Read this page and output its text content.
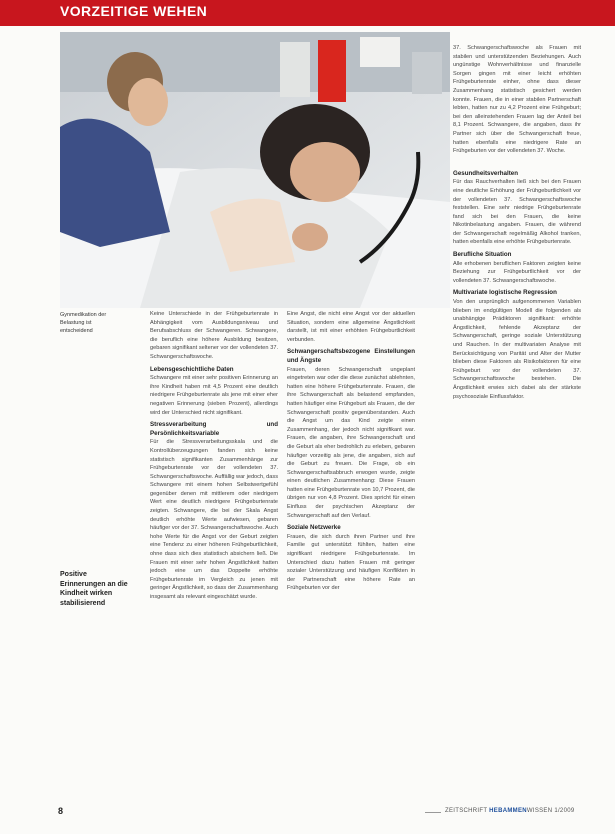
VORZEITIGE WEHEN
Gynmedikation der Belastung ist entscheidend
Positive Erinnerungen an die Kindheit wirken stabilisierend

Keine Unterschiede in der Frühgeburtenrate in Abhängigkeit vom Ausbildungsniveau und Berufsabschluss der Schwangeren. Schwangere, die beruflich eine höhere Ausbildung besitzen, gebaren signifikant seltener vor der vollendeten 37. Schwangerschaftswoche.

Lebensgeschichtliche Daten

Schwangere mit einer sehr positiven Erinnerung an ihre Kindheit haben mit 4,5 Prozent eine deutlich niedrigere Frühgeburtenrate als jene mit einer eher negativen Erinnerung (sieben Prozent), allerdings wird der Unterschied nicht signifikant.

Stressverarbeitung und Persönlichkeitsvariable

Für die Stressverarbeitungsskala und die Kontrollüberzeugungen fanden sich keine statistisch signifikanten Zusammenhänge zur Frühgeburtenrate vor der vollendeten 37. Schwangerschaftswoche. Auffällig war jedoch, dass Schwangere mit einem hohen Selbstwertgefühl gegenüber denen mit mittlerem oder niedrigem Wert eine deutlich niedrigere Frühgeburtenrate zeigten. Schwangere, die bei der Skala Angst deutlich erhöhte Werte aufwiesen, gebaren häufiger vor der 37. Schwangerschaftswoche. Auch hohe Werte für die Angst vor der Geburt zeigten eine Tendenz zu einer höheren Frühgeburtlichkeit, ohne dass sich dies statistisch absichern ließ. Die Frauen mit einer sehr hohen Ängstlichkeit hatten jedoch eine um das Doppelte erhöhte Frühgeburtenrate im Vergleich zu jenen mit geringer Ängstlichkeit, so dass der Zusammenhang insgesamt als relevant eingeschätzt wurde.

Eine Angst, die nicht eine Angst vor der aktuellen Situation, sondern eine allgemeine Ängstlichkeit darstellt, ist mit einer erhöhten Frühgeburtlichkeit verbunden.

Schwangerschaftsbezogene Einstellungen und Ängste

Frauen, deren Schwangerschaft ungeplant eingetreten war oder die diese zunächst ablehnten, hatten eine höhere Frühgeburtenrate. Frauen, die ihre Schwangerschaft als belastend empfanden, hatten häufiger eine Frühgeburt als Frauen, die der Schwangerschaft positiv gegenüberstanden. Auch die Angst um das Kind zeigte einen Zusammenhang, der jedoch nicht signifikant war. Frauen, die angaben, ihre Schwangerschaft und die Geburt als eher bedrohlich zu erleben, gebaren häufiger vorzeitig als jene, die angaben, sich auf die Geburt zu freuen. Die Frage, ob ein Schwangerschaftsabbruch erwogen wurde, zeigte einen deutlichen Zusammenhang: Diese Frauen hatten eine Frühgeburtenrate von 10,7 Prozent, die übrigen nur von 4,8 Prozent. Dies spricht für einen Einfluss der psychischen Akzeptanz der Schwangerschaft auf den Verlauf.

Soziale Netzwerke

Frauen, die sich durch ihren Partner und ihre Familie gut unterstützt fühlten, hatten eine signifikant niedrigere Frühgeburtenrate. Im Unterschied dazu hatten Frauen mit geringer sozialer Unterstützung und häufigen Konflikten in der Partnerschaft eine höhere Rate an Frühgeburten vor der

37. Schwangerschaftswoche als Frauen mit stabilen und unterstützenden Beziehungen. Auch ungünstige Wohnverhältnisse und finanzielle Sorgen gingen mit einer leicht erhöhten Frühgeburtenrate einher, ohne dass dieser Zusammenhang statistisch gesichert werden konnte. Frauen, die in einer stabilen Partnerschaft lebten, hatten nur zu 4,2 Prozent eine Frühgeburt; bei den alleinstehenden Frauen lag der Anteil bei 8,1 Prozent. Schwangere, die angaben, dass ihr Partner sich über die Schwangerschaft freue, hatten ebenfalls eine niedrigere Rate an Frühgeburten vor der vollendeten 37. Woche.

Gesundheitsverhalten

Für das Rauchverhalten ließ sich bei den Frauen eine deutliche Erhöhung der Frühgeburtlichkeit vor der vollendeten 37. Schwangerschaftswoche feststellen. Eine sehr niedrige Frühgeburtenrate fand sich bei den Frauen, die keine Nikotinbelastung angaben. Frauen, die während der Schwangerschaft regelmäßig Alkohol tranken, hatten ebenfalls eine erhöhte Frühgeburtenrate.

Berufliche Situation

Alle erhobenen beruflichen Faktoren zeigten keine Beziehung zur Frühgeburtlichkeit vor der vollendeten 37. Schwangerschaftswoche.

Multivariate logistische Regression

Von den ursprünglich aufgenommenen Variablen blieben im endgültigen Modell die folgenden als unabhängige Prädiktoren signifikant: erhöhte Ängstlichkeit, fehlende Akzeptanz der Schwangerschaft, geringe soziale Unterstützung und Rauchen. In der multivariaten Analyse mit Berücksichtigung von Parität und Alter der Mutter blieben diese Faktoren als Risikofaktoren für eine Frühgeburt vor der vollendeten 37. Schwangerschaftswoche bestehen. Die Ängstlichkeit erwies sich dabei als der stärkste psychosoziale Einflussfaktor.

8	ZEITSCHRIFT HEBAMMENWISSEN 1/2009
